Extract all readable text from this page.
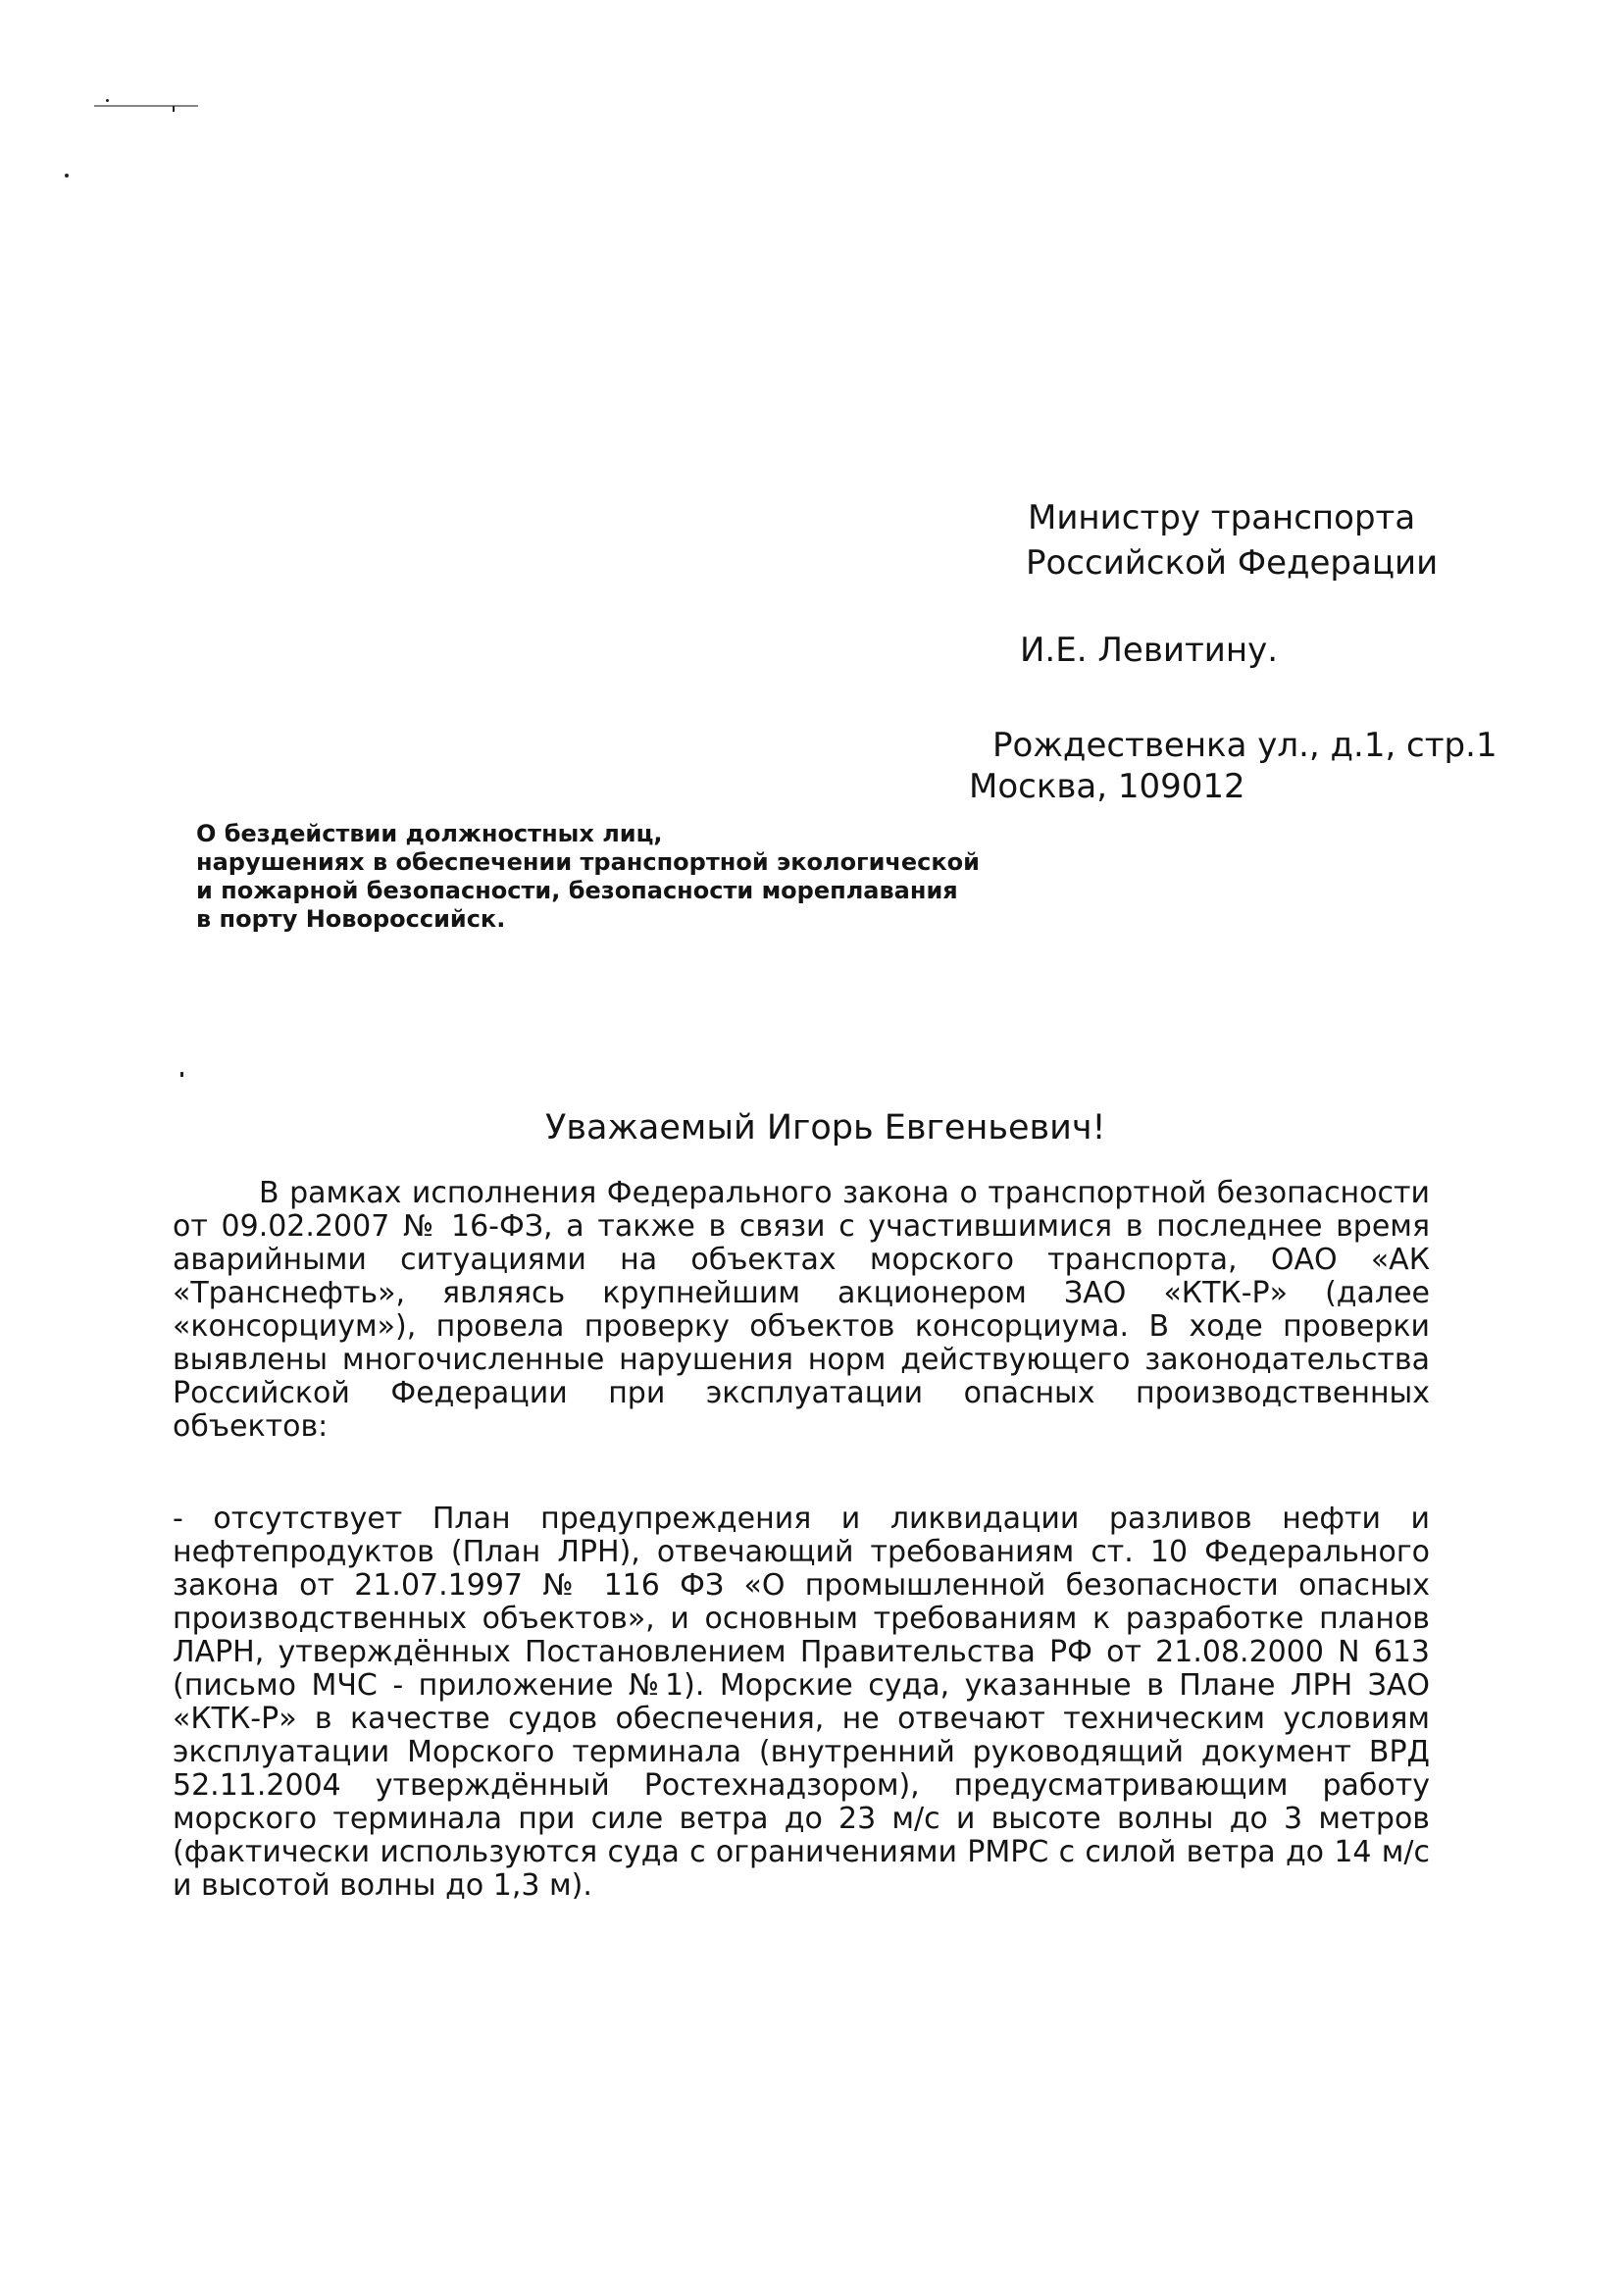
Министру транспорта
Российской Федерации
И.Е. Левитину.
Рождественка ул., д.1, стр.1
Москва, 109012
О бездействии должностных лиц,
нарушениях в обеспечении транспортной экологической
и пожарной безопасности, безопасности мореплавания
в порту Новороссийск.
Уважаемый Игорь Евгеньевич!

В рамках исполнения Федерального закона о транспортной безопасности от 09.02.2007 № 16-ФЗ, а также в связи с участившимися в последнее время аварийными ситуациями на объектах морского транспорта, ОАО «АК «Транснефть», являясь крупнейшим акционером ЗАО «КТК-Р» (далее «консорциум»), провела проверку объектов консорциума. В ходе проверки выявлены многочисленные нарушения норм действующего законодательства Российской Федерации при эксплуатации опасных производственных объектов:

- отсутствует План предупреждения и ликвидации разливов нефти и нефтепродуктов (План ЛРН), отвечающий требованиям ст. 10 Федерального закона от 21.07.1997 № 116 ФЗ «О промышленной безопасности опасных производственных объектов», и основным требованиям к разработке планов ЛАРН, утверждённых Постановлением Правительства РФ от 21.08.2000 N 613 (письмо МЧС - приложение №1). Морские суда, указанные в Плане ЛРН ЗАО «КТК-Р» в качестве судов обеспечения, не отвечают техническим условиям эксплуатации Морского терминала (внутренний руководящий документ ВРД 52.11.2004 утверждённый Ростехнадзором), предусматривающим работу морского терминала при силе ветра до 23 м/с и высоте волны до 3 метров (фактически используются суда с ограничениями РМРС с силой ветра до 14 м/с и высотой волны до 1,3 м).
